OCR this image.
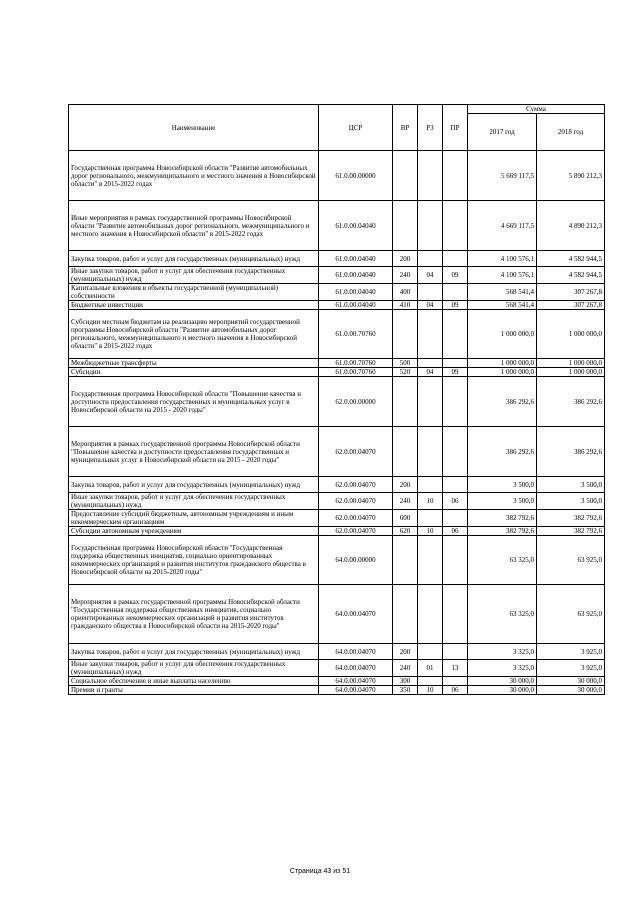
Наименование	ЦСР	ВР	РЗ	ПР	Сумма	
					2017 год	2018 год
Государственная программа Новосибирской области "Развитие автомобильных дорог регионального, межмуниципального и местного значения в Новосибирской области" в 2015-2022 годах	61.0.00.00000				5 669 117,5	5 890 212,3
Иные мероприятия в рамках государственной программы Новосибирской области "Развитие автомобильных дорог регионального, межмуниципального и местного значения в Новосибирской области" в 2015-2022 годах	61.0.00.04040				4 669 117,5	4 890 212,3
Закупка товаров, работ и услуг для государственных (муниципальных) нужд	61.0.00.04040	200			4 100 576,1	4 582 944,5
Иные закупки товаров, работ и услуг для обеспечения государственных (муниципальных) нужд	61.0.00.04040	240	04	09	4 100 576,1	4 582 944,5
Капитальные вложения в объекты государственной (муниципальной) собственности	61.0.00.04040	400			568 541,4	307 267,8
Бюджетные инвестиции	61.0.00.04040	410	04	09	568 541,4	307 267,8
Субсидии местным бюджетам на реализацию мероприятий государственной программы Новосибирской области "Развитие автомобильных дорог регионального, межмуниципального и местного значения в Новосибирской области" в 2015-2022 годах	61.0.00.70760				1 000 000,0	1 000 000,0
Межбюджетные трансферты	61.0.00.70760	500			1 000 000,0	1 000 000,0
Субсидии	61.0.00.70760	520	04	09	1 000 000,0	1 000 000,0
Государственная программа Новосибирской области "Повышение качества и доступности предоставления государственных и муниципальных услуг в Новосибирской области на 2015 - 2020 годы"	62.0.00.00000				386 292,6	386 292,6
Мероприятия в рамках государственной программы Новосибирской области "Повышение качества и доступности предоставления государственных и муниципальных услуг в Новосибирской области на 2015 - 2020 годы"	62.0.00.04070				386 292,6	386 292,6
Закупка товаров, работ и услуг для государственных (муниципальных) нужд	62.0.00.04070	200			3 500,0	3 500,0
Иные закупки товаров, работ и услуг для обеспечения государственных (муниципальных) нужд	62.0.00.04070	240	10	06	3 500,0	3 500,0
Предоставление субсидий бюджетным, автономным учреждениям и иным некоммерческим организациям	62.0.00.04070	600			382 792,6	382 792,6
Субсидии автономным учреждениям	62.0.00.04070	620	10	06	382 792,6	382 792,6
Государственная программа Новосибирской области "Государственная поддержка общественных инициатив, социально ориентированных некоммерческих организаций и развития институтов гражданского общества в Новосибирской области на 2015-2020 годы"	64.0.00.00000				63 325,0	63 925,0
Мероприятия в рамках государственной программы Новосибирской области "Государственная поддержка общественных инициатив, социально ориентированных некоммерческих организаций и развития институтов гражданского общества в Новосибирской области на 2015-2020 годы"	64.0.00.04070				63 325,0	63 925,0
Закупка товаров, работ и услуг для государственных (муниципальных) нужд	64.0.00.04070	200			3 325,0	3 925,0
Иные закупки товаров, работ и услуг для обеспечения государственных (муниципальных) нужд	64.0.00.04070	240	01	13	3 325,0	3 925,0
Социальное обеспечение и иные выплаты населению	64.0.00.04070	300			30 000,0	30 000,0
Премии и гранты	64.0.00.04070	350	10	06	30 000,0	30 000,0
Страница 43 из 51
